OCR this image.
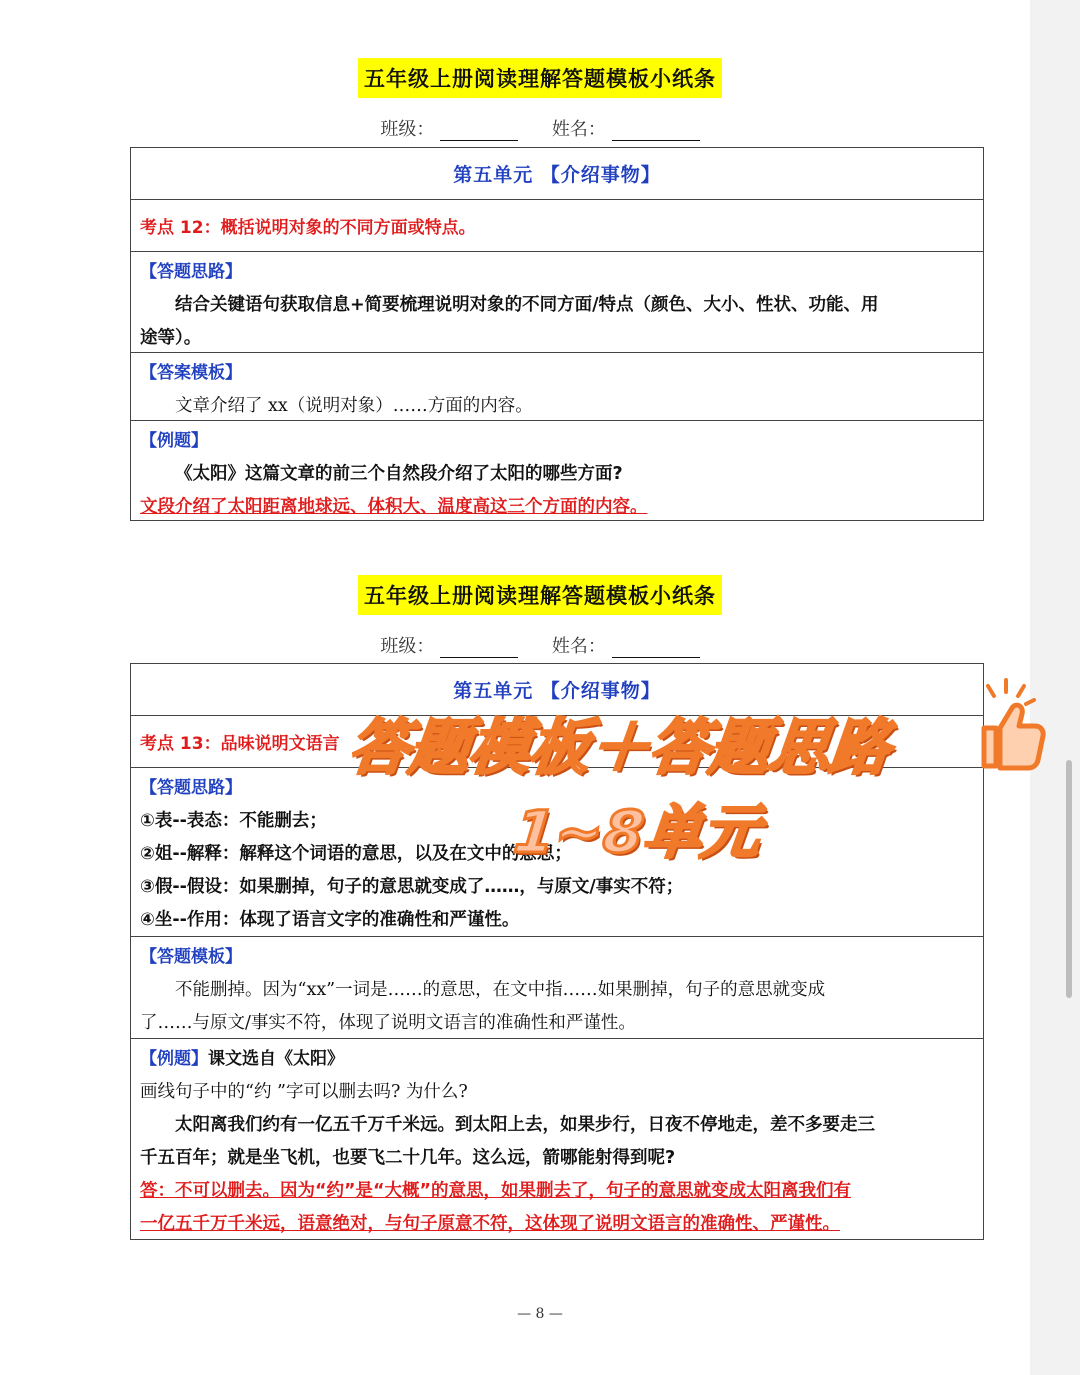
五年级上册阅读理解答题模板小纸条
班级：	姓名：
第五单元 【介绍事物】
考点 12：概括说明对象的不同方面或特点。
【答题思路】
结合关键语句获取信息+简要梳理说明对象的不同方面/特点（颜色、大小、性状、功能、用
途等）。
【答案模板】
文章介绍了 xx（说明对象）……方面的内容。
【例题】
《太阳》这篇文章的前三个自然段介绍了太阳的哪些方面?
文段介绍了太阳距离地球远、体积大、温度高这三个方面的内容。
五年级上册阅读理解答题模板小纸条
班级：	姓名：
第五单元 【介绍事物】
考点 13：品味说明文语言
【答题思路】
①表--表态：不能删去；
②姐--解释：解释这个词语的意思，以及在文中的意思；
③假--假设：如果删掉，句子的意思就变成了……，与原文/事实不符；
④坐--作用：体现了语言文字的准确性和严谨性。
【答题模板】
不能删掉。因为“xx”一词是……的意思，在文中指……如果删掉，句子的意思就变成
了……与原文/事实不符，体现了说明文语言的准确性和严谨性。
【例题】课文选自《太阳》
画线句子中的“约 ”字可以删去吗? 为什么?
太阳离我们约有一亿五千万千米远。到太阳上去，如果步行，日夜不停地走，差不多要走三
千五百年；就是坐飞机，也要飞二十几年。这么远，箭哪能射得到呢?
答：不可以删去。因为“约”是“大概”的意思，如果删去了，句子的意思就变成太阳离我们有
一亿五千万千米远，语意绝对，与句子原意不符，这体现了说明文语言的准确性、严谨性。
— 8 —
答题模板＋答题思路
1~8单元
